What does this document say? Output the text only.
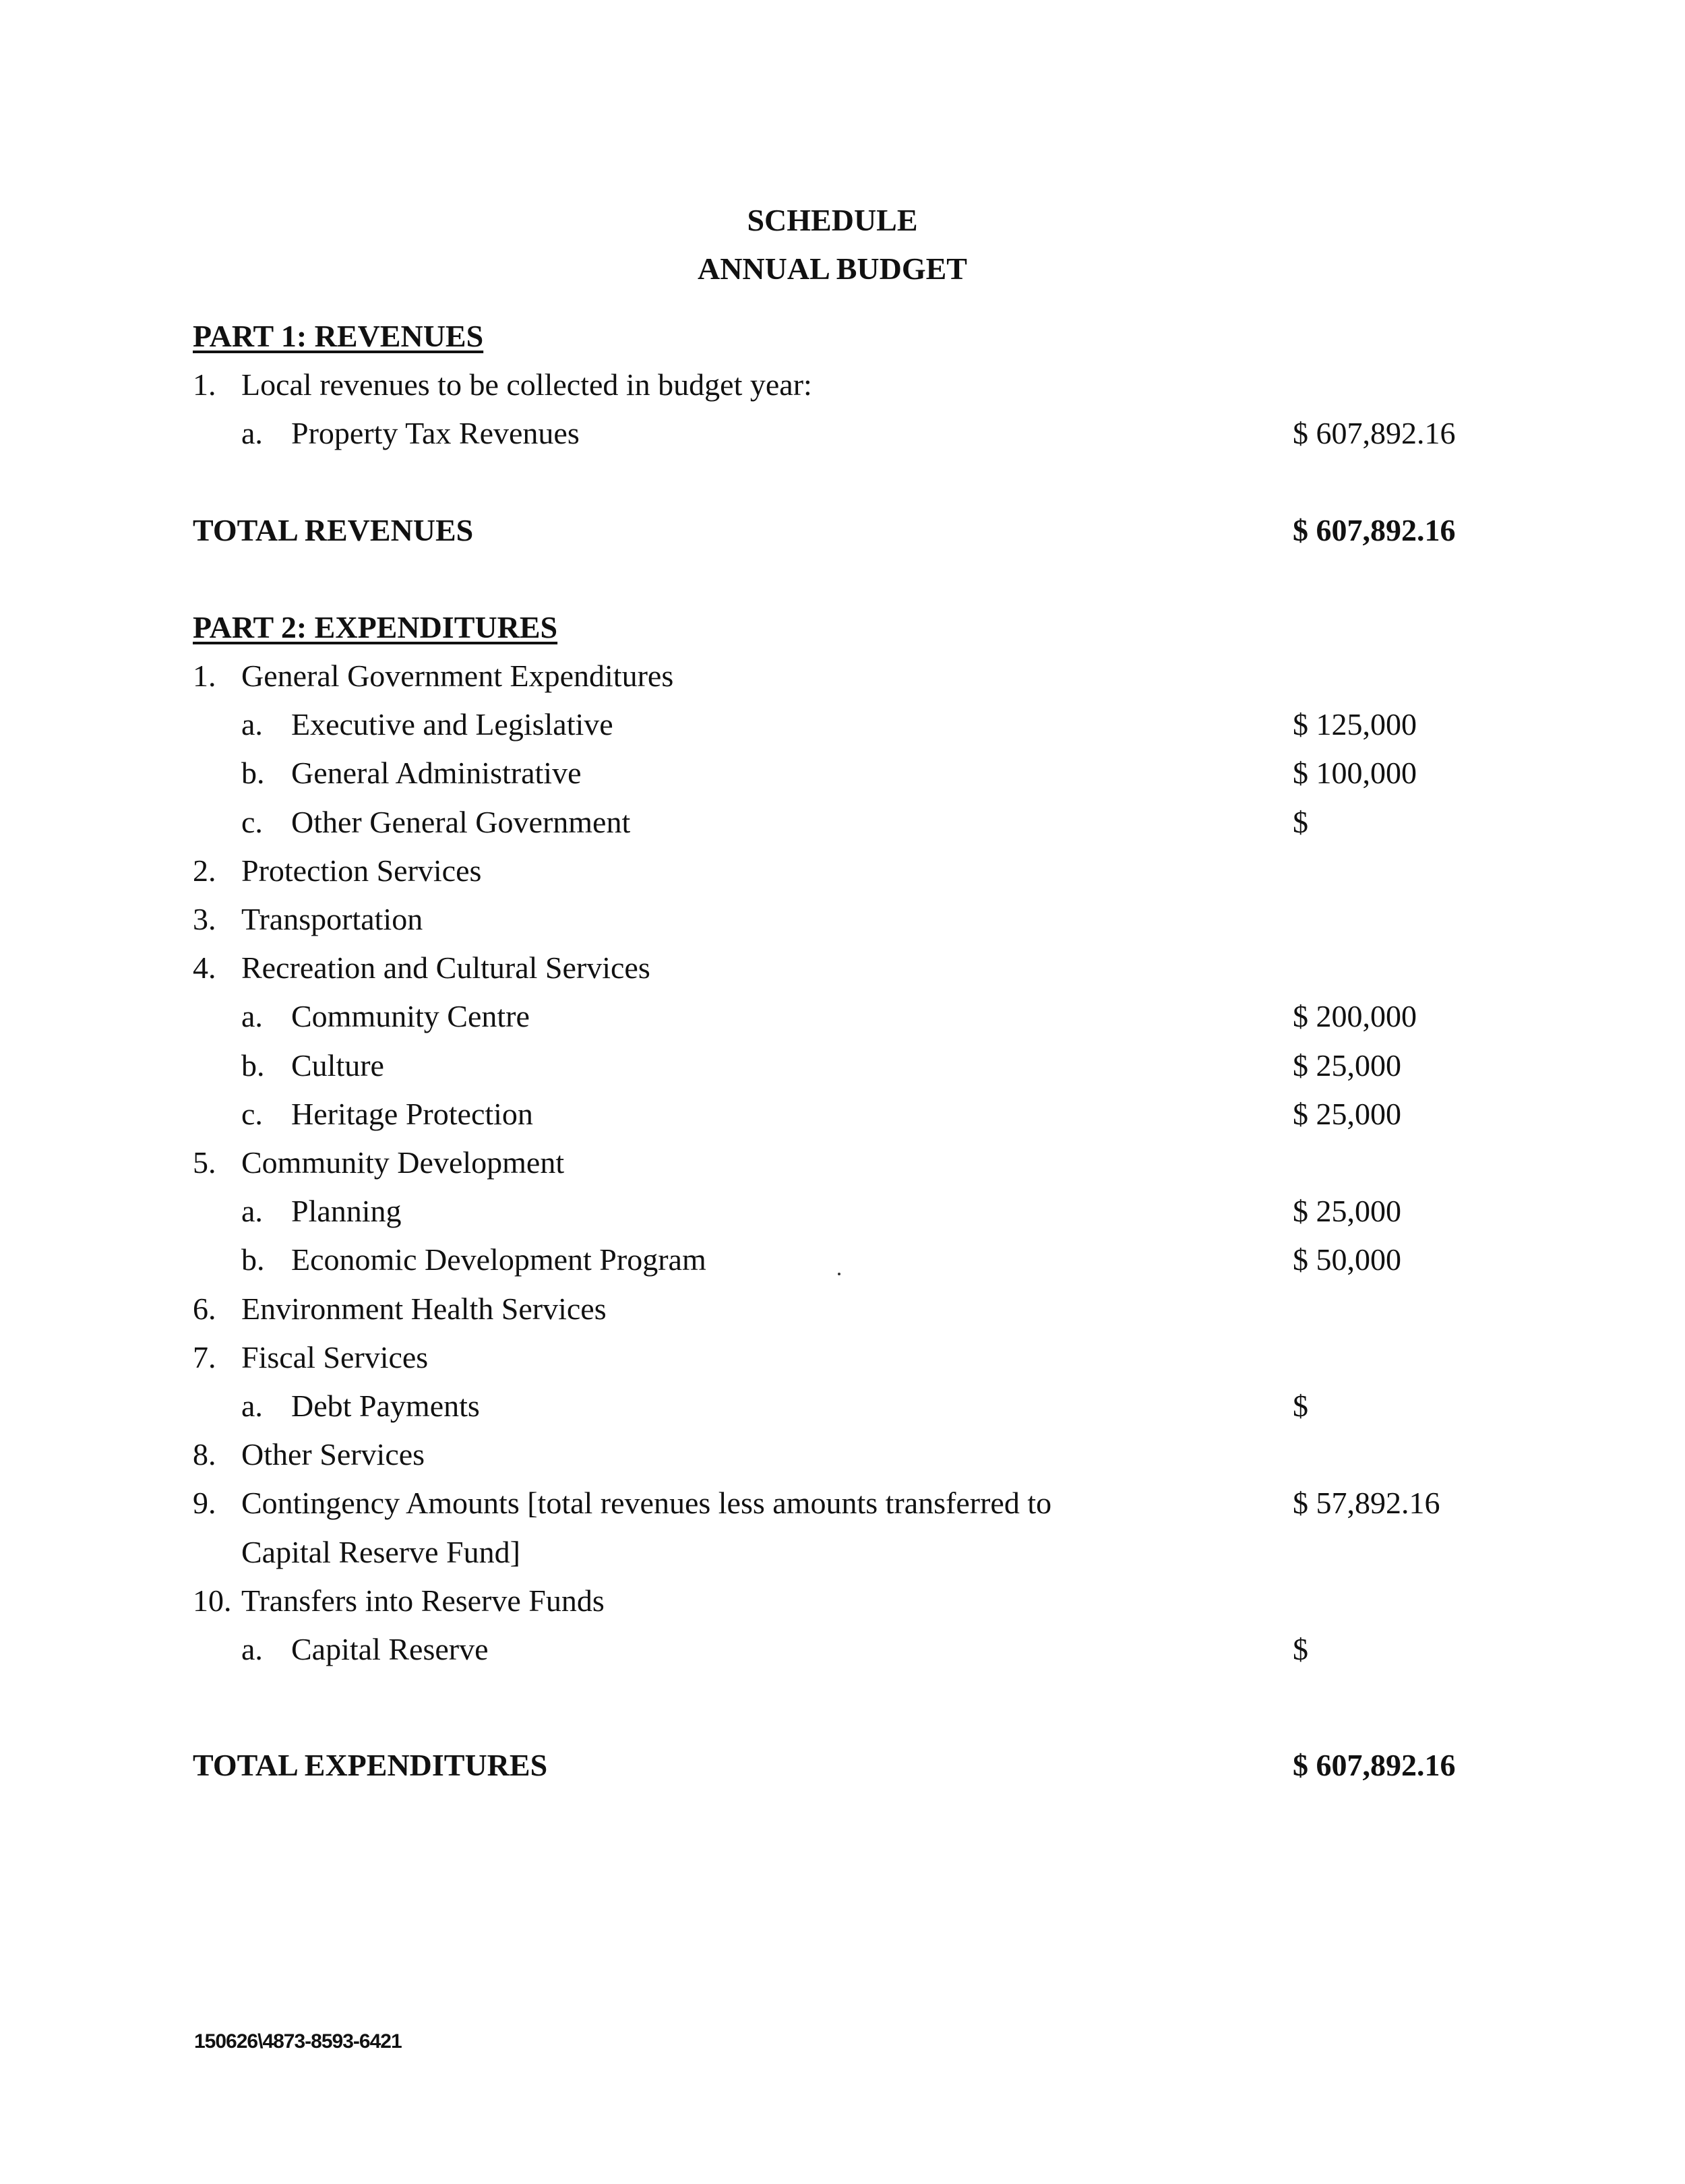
SCHEDULE
ANNUAL BUDGET
PART 1: REVENUES
1. Local revenues to be collected in budget year:
a. Property Tax Revenues	$ 607,892.16
TOTAL REVENUES	$ 607,892.16
PART 2: EXPENDITURES
1. General Government Expenditures
a. Executive and Legislative	$ 125,000
b. General Administrative	$ 100,000
c. Other General Government	$
2. Protection Services
3. Transportation
4. Recreation and Cultural Services
a. Community Centre	$ 200,000
b. Culture	$ 25,000
c. Heritage Protection	$ 25,000
5. Community Development
a. Planning	$ 25,000
b. Economic Development Program	$ 50,000
6. Environment Health Services
7. Fiscal Services
a. Debt Payments	$
8. Other Services
9. Contingency Amounts [total revenues less amounts transferred to	$ 57,892.16
Capital Reserve Fund]
10. Transfers into Reserve Funds
a. Capital Reserve	$
TOTAL EXPENDITURES	$ 607,892.16
150626\4873-8593-6421
